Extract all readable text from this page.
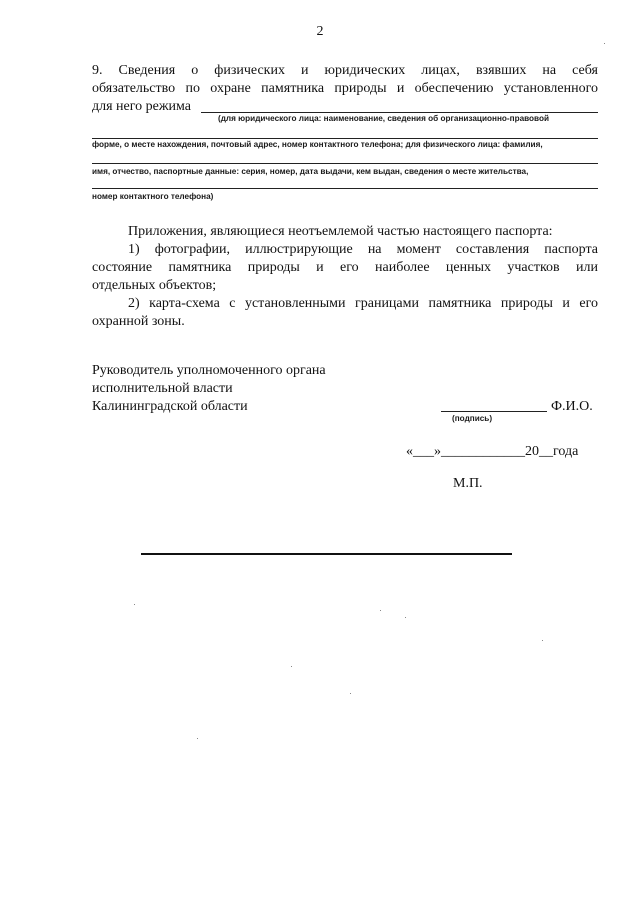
2
9. Сведения о физических и юридических лицах, взявших на себя
обязательство по охране памятника природы и обеспечению установленного
для него режима
(для юридического лица: наименование, сведения об организационно-правовой
форме, о месте нахождения, почтовый адрес, номер контактного телефона; для физического лица: фамилия,
имя, отчество, паспортные данные: серия, номер, дата выдачи, кем выдан, сведения о месте жительства,
номер контактного телефона)
Приложения, являющиеся неотъемлемой частью настоящего паспорта:
1) фотографии, иллюстрирующие на момент составления паспорта
состояние памятника природы и его наиболее ценных участков или
отдельных объектов;
2) карта-схема с установленными границами памятника природы и его
охранной зоны.
Руководитель уполномоченного органа
исполнительной власти
Калининградской области	Ф.И.О.
(подпись)
«___»____________20__года
М.П.
